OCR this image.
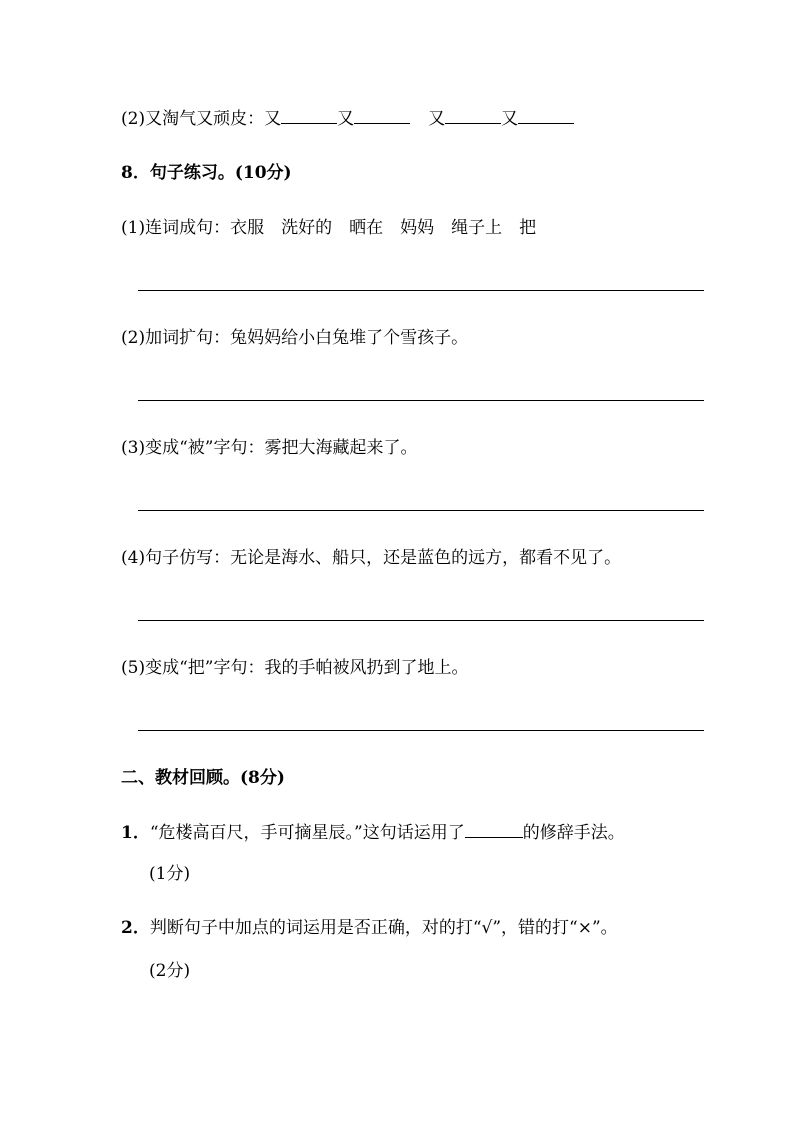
(2)又淘气又顽皮：又	又	又	又
8．句子练习。(10分)
(1)连词成句：衣服　洗好的　晒在　妈妈　绳子上　把
(2)加词扩句：兔妈妈给小白兔堆了个雪孩子。
(3)变成“被”字句：雾把大海藏起来了。
(4)句子仿写：无论是海水、船只，还是蓝色的远方，都看不见了。
(5)变成“把”字句：我的手帕被风扔到了地上。
二、教材回顾。(8分)
1．“危楼高百尺，手可摘星辰。”这句话运用了	的修辞手法。
(1分)
2．判断句子中加点的词运用是否正确，对的打“√”，错的打“×”。
(2分)
